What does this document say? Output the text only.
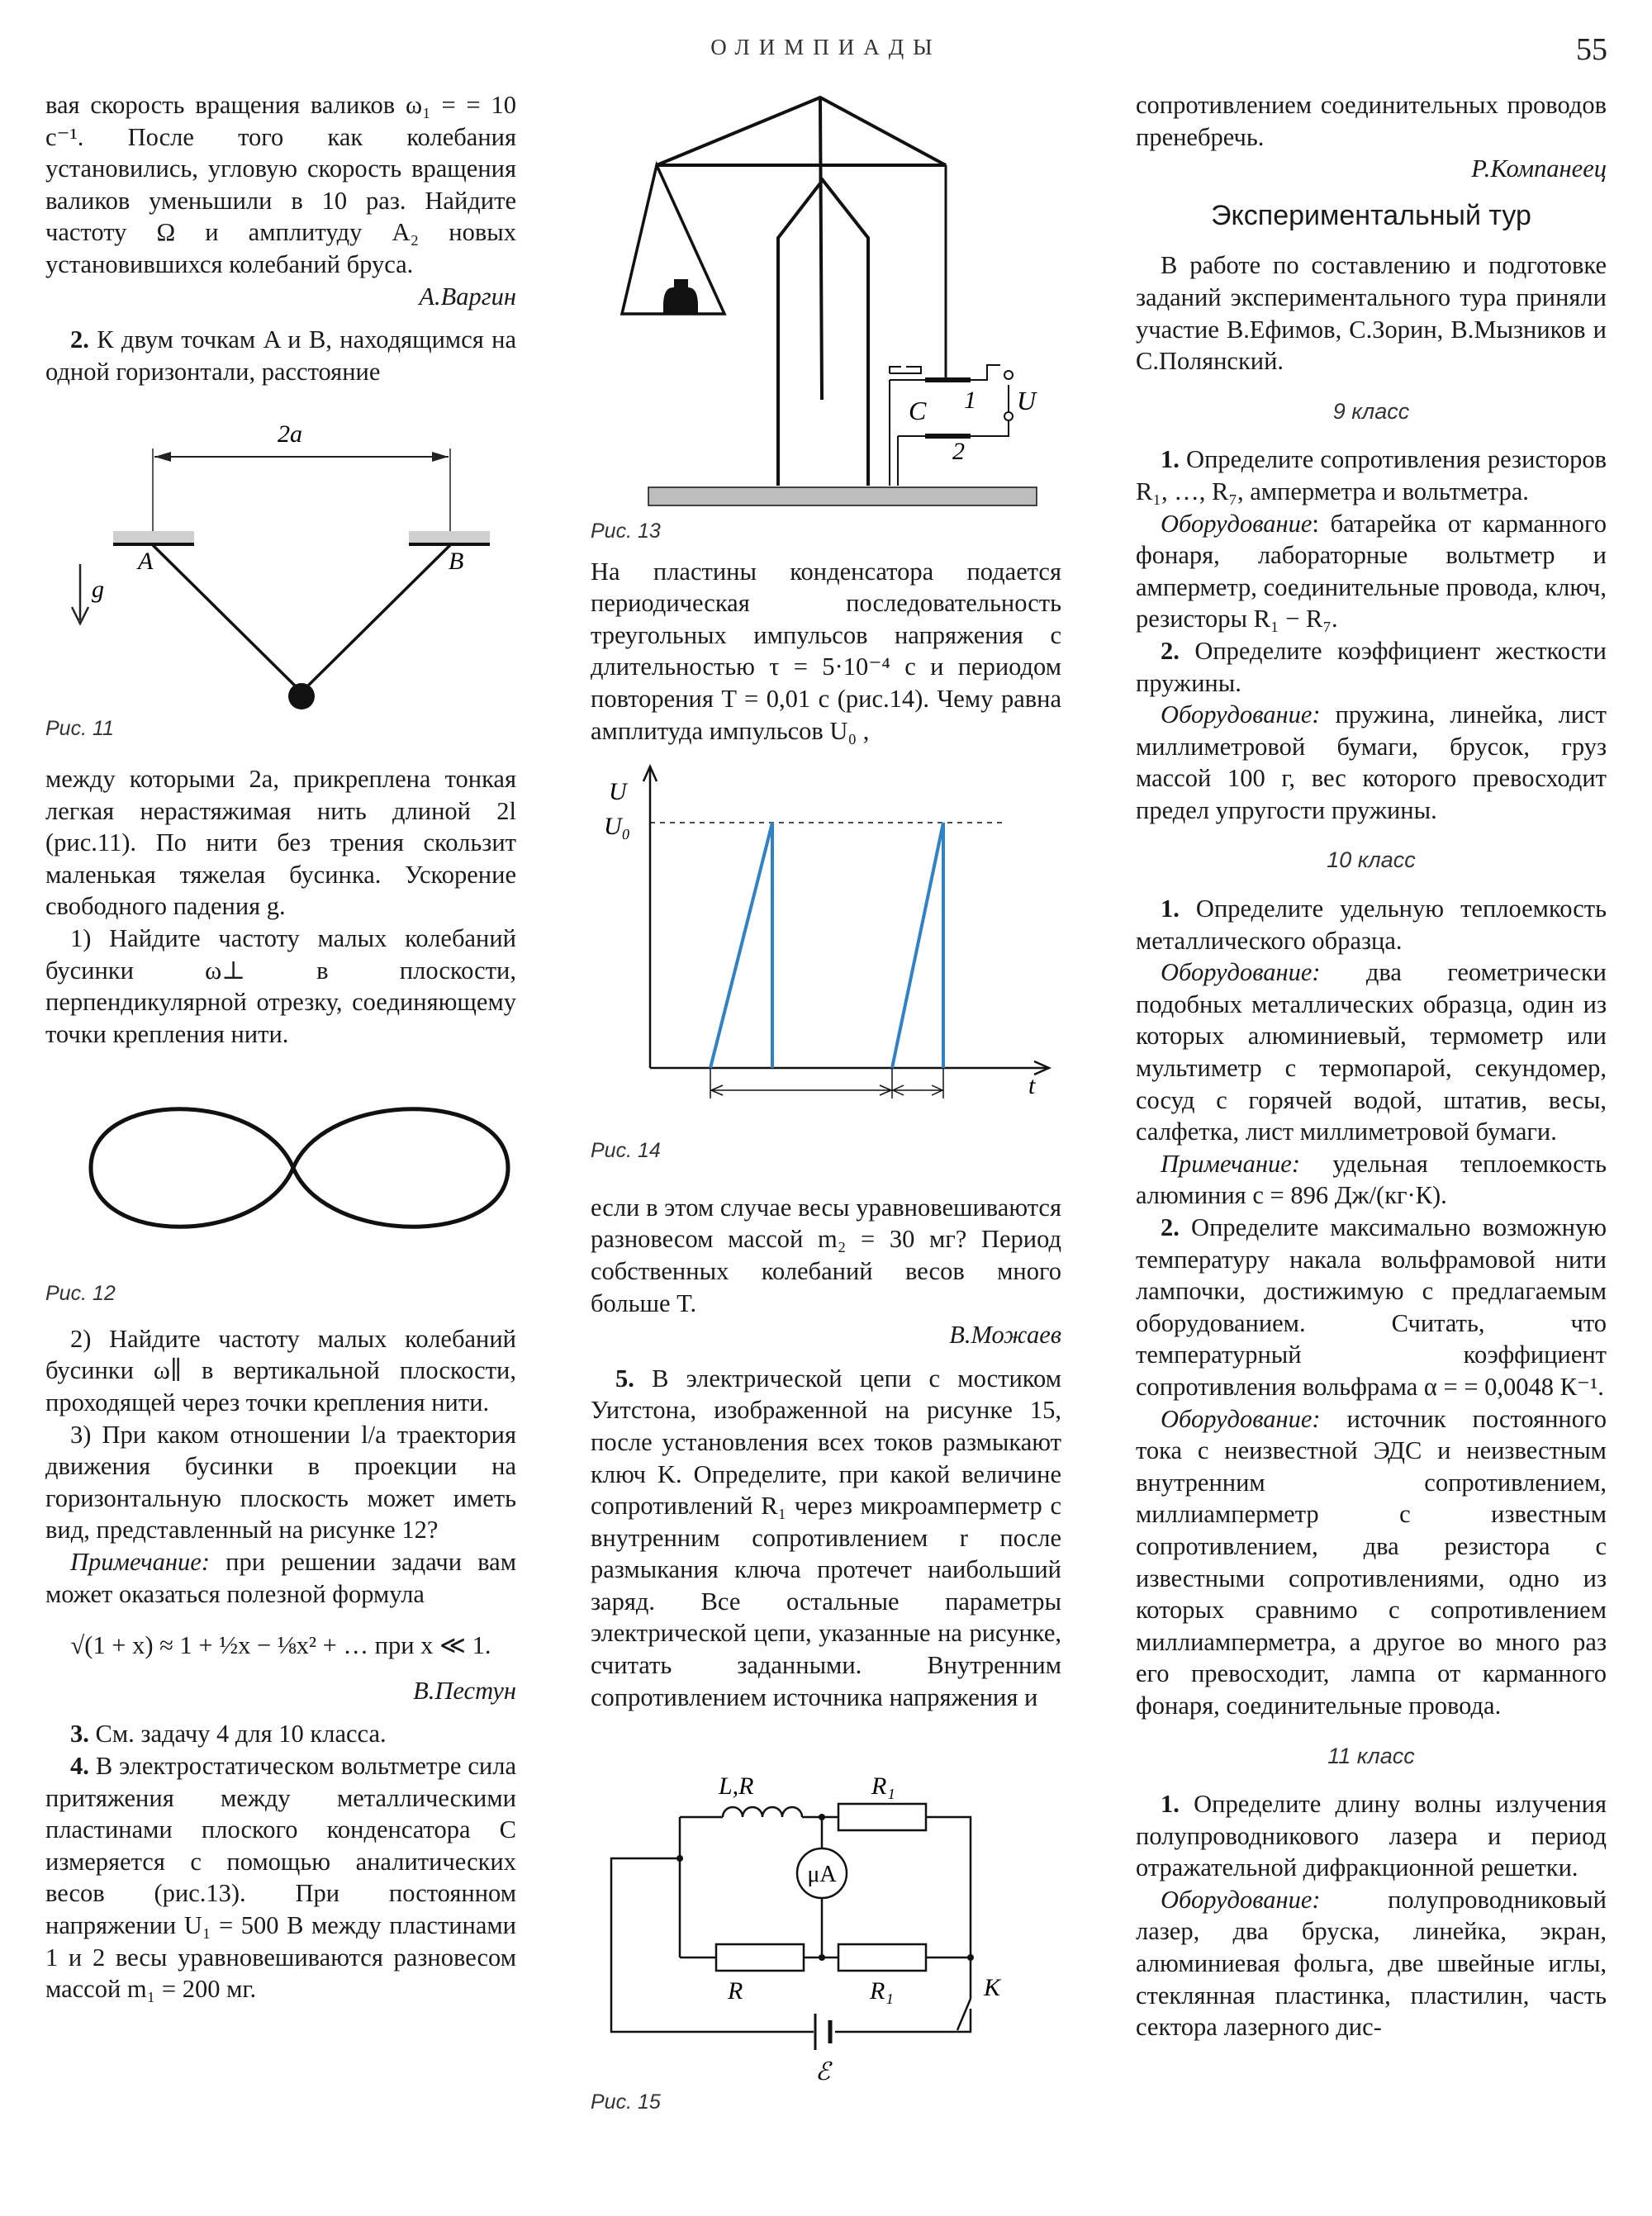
ОЛИМПИАДЫ	55

вая скорость вращения валиков ω₁ = = 10 с⁻¹. После того как колебания установились, угловую скорость вращения валиков уменьшили в 10 раз. Найдите частоту Ω и амплитуду A₂ новых установившихся колебаний бруса.

А.Варгин

2. К двум точкам A и B, находящимся на одной горизонтали, расстояние

2a
A	B
g

Рис. 11

между которыми 2a, прикреплена тонкая легкая нерастяжимая нить длиной 2l (рис.11). По нити без трения скользит маленькая тяжелая бусинка. Ускорение свободного падения g.

1) Найдите частоту малых колебаний бусинки ω⊥ в плоскости, перпендикулярной отрезку, соединяющему точки крепления нити.

Рис. 12

2) Найдите частоту малых колебаний бусинки ω∥ в вертикальной плоскости, проходящей через точки крепления нити.

3) При каком отношении l/a траектория движения бусинки в проекции на горизонтальную плоскость может иметь вид, представленный на рисунке 12?

Примечание: при решении задачи вам может оказаться полезной формула

√(1 + x) ≈ 1 + ½x − ⅛x² + … при x ≪ 1.

В.Пестун

3. См. задачу 4 для 10 класса.

4. В электростатическом вольтметре сила притяжения между металлическими пластинами плоского конденсатора C измеряется с помощью аналитических весов (рис.13). При постоянном напряжении U₁ = 500 В между пластинами 1 и 2 весы уравновешиваются разновесом массой m₁ = 200 мг.

C 1
2
U

Рис. 13

На пластины конденсатора подается периодическая последовательность треугольных импульсов напряжения с длительностью τ = 5·10⁻⁴ с и периодом повторения T = 0,01 с (рис.14). Чему равна амплитуда импульсов U₀ ,

U
U₀
t

Рис. 14

если в этом случае весы уравновешиваются разновесом массой m₂ = 30 мг? Период собственных колебаний весов много больше T.

В.Можаев

5. В электрической цепи с мостиком Уитстона, изображенной на рисунке 15, после установления всех токов размыкают ключ K. Определите, при какой величине сопротивлений R₁ через микроамперметр с внутренним сопротивлением r после размыкания ключа протечет наибольший заряд. Все остальные параметры электрической цепи, указанные на рисунке, считать заданными. Внутренним сопротивлением источника напряжения и

L,R	R₁
μA
R	R₁	K
ℰ

Рис. 15

сопротивлением соединительных проводов пренебречь.

Р.Компанеец

Экспериментальный тур

В работе по составлению и подготовке заданий экспериментального тура приняли участие В.Ефимов, С.Зорин, В.Мызников и С.Полянский.

9 класс

1. Определите сопротивления резисторов R₁, …, R₇, амперметра и вольтметра.

Оборудование: батарейка от карманного фонаря, лабораторные вольтметр и амперметр, соединительные провода, ключ, резисторы R₁ − R₇.

2. Определите коэффициент жесткости пружины.

Оборудование: пружина, линейка, лист миллиметровой бумаги, брусок, груз массой 100 г, вес которого превосходит предел упругости пружины.

10 класс

1. Определите удельную теплоемкость металлического образца.

Оборудование: два геометрически подобных металлических образца, один из которых алюминиевый, термометр или мультиметр с термопарой, секундомер, сосуд с горячей водой, штатив, весы, салфетка, лист миллиметровой бумаги.

Примечание: удельная теплоемкость алюминия c = 896 Дж/(кг·К).

2. Определите максимально возможную температуру накала вольфрамовой нити лампочки, достижимую с предлагаемым оборудованием. Считать, что температурный коэффициент сопротивления вольфрама α = = 0,0048 К⁻¹.

Оборудование: источник постоянного тока с неизвестной ЭДС и неизвестным внутренним сопротивлением, миллиамперметр с известным сопротивлением, два резистора с известными сопротивлениями, одно из которых сравнимо с сопротивлением миллиамперметра, а другое во много раз его превосходит, лампа от карманного фонаря, соединительные провода.

11 класс

1. Определите длину волны излучения полупроводникового лазера и период отражательной дифракционной решетки.

Оборудование:	полупроводниковый лазер, два бруска, линейка, экран, алюминиевая фольга, две швейные иглы, стеклянная пластинка, пластилин, часть сектора лазерного дис-
